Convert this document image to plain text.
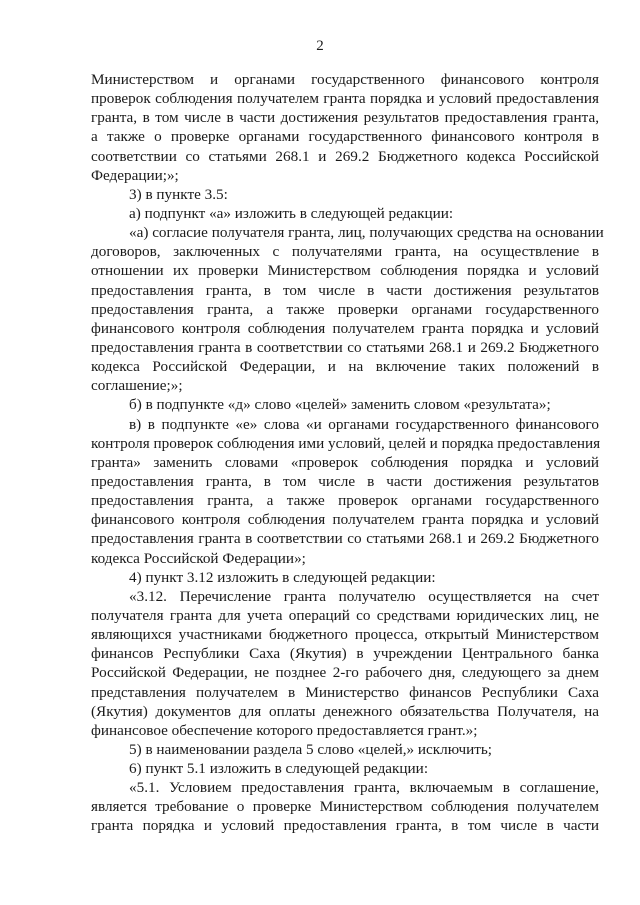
2
Министерством и органами государственного финансового контроля
проверок соблюдения получателем гранта порядка и условий предоставления
гранта, в том числе в части достижения результатов предоставления гранта,
а также о проверке органами государственного финансового контроля в
соответствии со статьями 268.1 и 269.2 Бюджетного кодекса Российской
Федерации;»;
3) в пункте 3.5:
а) подпункт «а» изложить в следующей редакции:
«а) согласие получателя гранта, лиц, получающих средства на основании
договоров, заключенных с получателями гранта, на осуществление в
отношении их проверки Министерством соблюдения порядка и условий
предоставления гранта, в том числе в части достижения результатов
предоставления гранта, а также проверки органами государственного
финансового контроля соблюдения получателем гранта порядка и условий
предоставления гранта в соответствии со статьями 268.1 и 269.2 Бюджетного
кодекса Российской Федерации, и на включение таких положений в
соглашение;»;
б) в подпункте «д» слово «целей» заменить словом «результата»;
в) в подпункте «е» слова «и органами государственного финансового
контроля проверок соблюдения ими условий, целей и порядка предоставления
гранта» заменить словами «проверок соблюдения порядка и условий
предоставления гранта, в том числе в части достижения результатов
предоставления гранта, а также проверок органами государственного
финансового контроля соблюдения получателем гранта порядка и условий
предоставления гранта в соответствии со статьями 268.1 и 269.2 Бюджетного
кодекса Российской Федерации»;
4) пункт 3.12 изложить в следующей редакции:
«3.12. Перечисление гранта получателю осуществляется на счет
получателя гранта для учета операций со средствами юридических лиц, не
являющихся участниками бюджетного процесса, открытый Министерством
финансов Республики Саха (Якутия) в учреждении Центрального банка
Российской Федерации, не позднее 2-го рабочего дня, следующего за днем
представления получателем в Министерство финансов Республики Саха
(Якутия) документов для оплаты денежного обязательства Получателя, на
финансовое обеспечение которого предоставляется грант.»;
5) в наименовании раздела 5 слово «целей,» исключить;
6) пункт 5.1 изложить в следующей редакции:
«5.1. Условием предоставления гранта, включаемым в соглашение,
является требование о проверке Министерством соблюдения получателем
гранта порядка и условий предоставления гранта, в том числе в части
